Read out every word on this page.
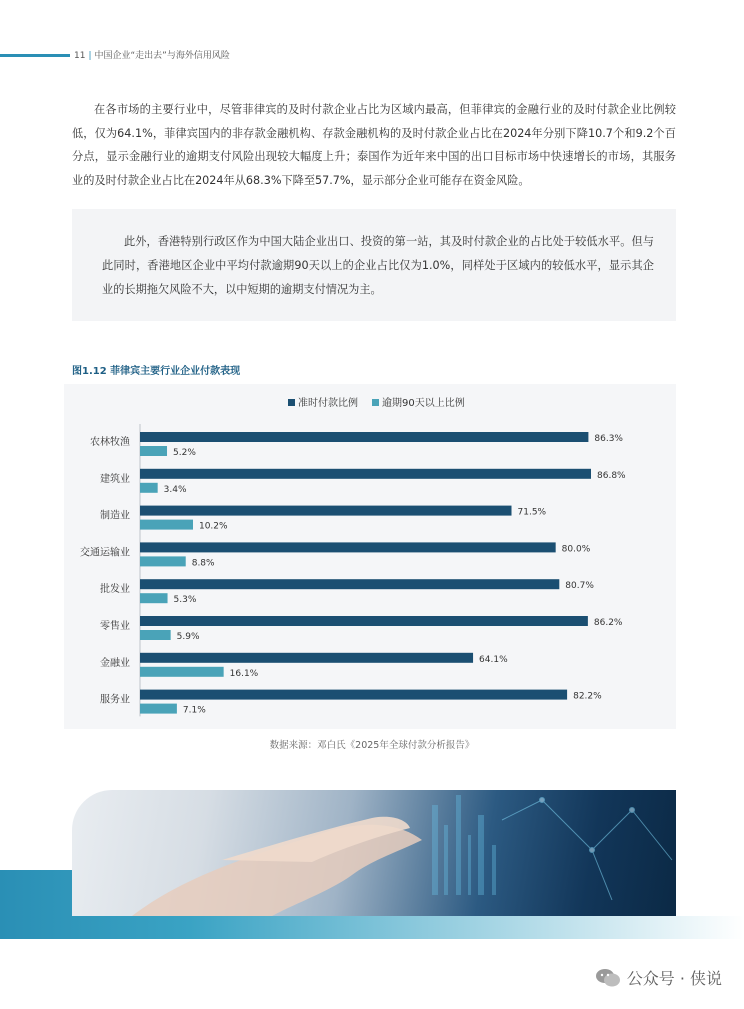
11 | 中国企业“走出去”与海外信用风险

在各市场的主要行业中，尽管菲律宾的及时付款企业占比为区域内最高，但菲律宾的金融行业的及时付款企业比例较低，仅为64.1%，菲律宾国内的非存款金融机构、存款金融机构的及时付款企业占比在2024年分别下降10.7个和9.2个百分点，显示金融行业的逾期支付风险出现较大幅度上升；泰国作为近年来中国的出口目标市场中快速增长的市场，其服务业的及时付款企业占比在2024年从68.3%下降至57.7%，显示部分企业可能存在资金风险。

此外，香港特别行政区作为中国大陆企业出口、投资的第一站，其及时付款企业的占比处于较低水平。但与此同时，香港地区企业中平均付款逾期90天以上的企业占比仅为1.0%，同样处于区域内的较低水平，显示其企业的长期拖欠风险不大，以中短期的逾期支付情况为主。

图1.12 菲律宾主要行业企业付款表现
准时付款比例 逾期90天以上比例
农林牧渔	86.3%
5.2%
建筑业	86.8%
3.4%
制造业	71.5%
10.2%
交通运输业	80.0%
8.8%
批发业	80.7%
5.3%
零售业	86.2%
5.9%
金融业	64.1%
16.1%
服务业	82.2%
7.1%
数据来源：邓白氏《2025年全球付款分析报告》
公众号 · 侠说
